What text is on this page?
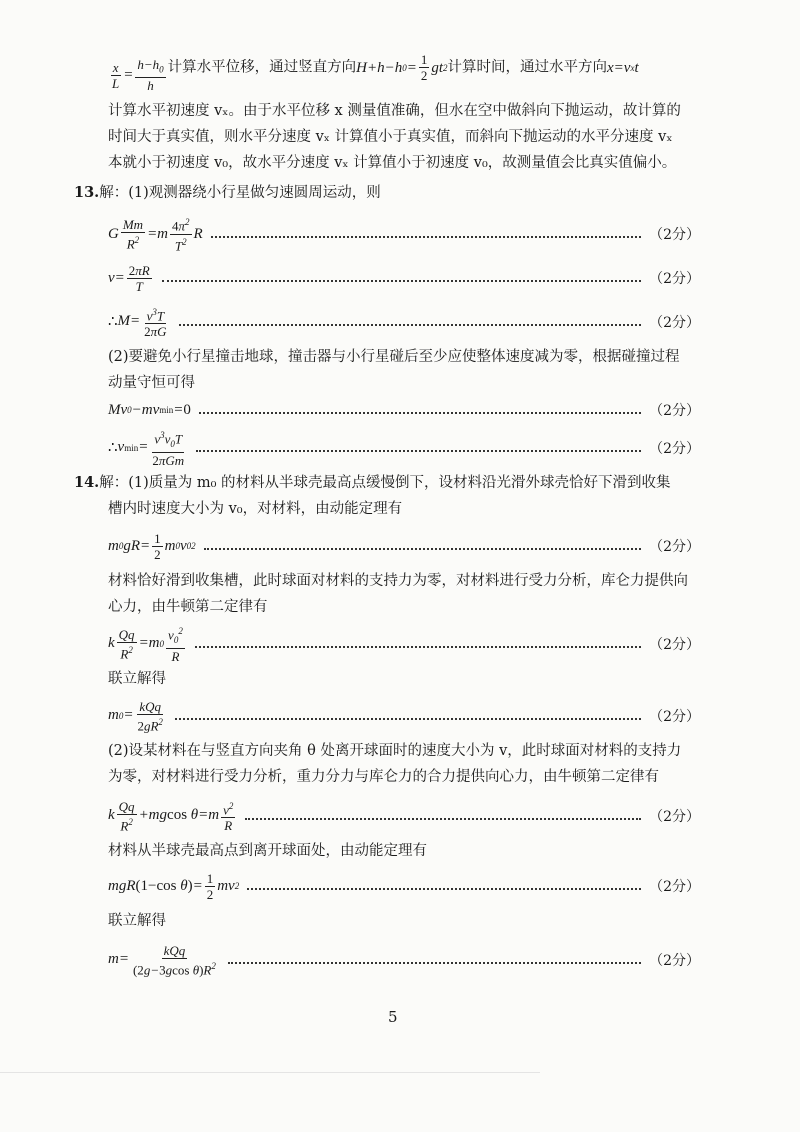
$\frac{x}{L} = \frac{h-h_0}{h}$ 计算水平位移，通过竖直方向H+h−h $0 = \frac{1}{2}$ gt 2 计算时间，通过水平方向x=v x t
计算水平初速度 vₓ。由于水平位移 x 测量值准确，但水在空中做斜向下抛运动，故计算的
时间大于真实值，则水平分速度 vₓ 计算值小于真实值，而斜向下抛运动的水平分速度 vₓ
本就小于初速度 v₀，故水平分速度 vₓ 计算值小于初速度 v₀，故测量值会比真实值偏小。
13.解：(1)观测器绕小行星做匀速圆周运动，则
G $\frac{Mm}{R^2} =m \frac{4\pi^2}{T^2}$ R	（2分）
$v= \frac{2\pi R}{T}$	（2分）
∴ $M= \frac{v^3T}{2\pi G}$	（2分）
(2)要避免小行星撞击地球，撞击器与小行星碰后至少应使整体速度减为零，根据碰撞过程
动量守恒可得
Mv 0 −mv min = 0	（2分）
∴ v $\min = \frac{v^3v_0T}{\text{2πGm}}$	（2分）
14.解：(1)质量为 m₀ 的材料从半球壳最高点缓慢倒下，设材料沿光滑外球壳恰好下滑到收集
槽内时速度大小为 v₀，对材料，由动能定理有
m 0 $gR= \frac{1}{2}$ m 0 v 0 2	（2分）
材料恰好滑到收集槽，此时球面对材料的支持力为零，对材料进行受力分析，库仑力提供向
心力，由牛顿第二定律有
k $\frac{Qq}{R^2} =m$ $0 \frac{v_0^2}{R}$	（2分）
联立解得
m $0 = \frac{\text{kQq}}{2gR^2}$	（2分）
(2)设某材料在与竖直方向夹角 θ 处离开球面时的速度大小为 v，此时球面对材料的支持力
为零，对材料进行受力分析，重力分力与库仑力的合力提供向心力，由牛顿第二定律有
k $\frac{Qq}{R^2} +mg$ $\cos \theta=m \frac{v^2}{R}$	（2分）
材料从半球壳最高点到离开球面处，由动能定理有
mgR (1−cos θ ) = $\frac{1}{2}$ mv 2	（2分）
联立解得
$m= \frac{\text{kQq}}{(2g-3gcos \theta)R^2}$	（2分）
5
